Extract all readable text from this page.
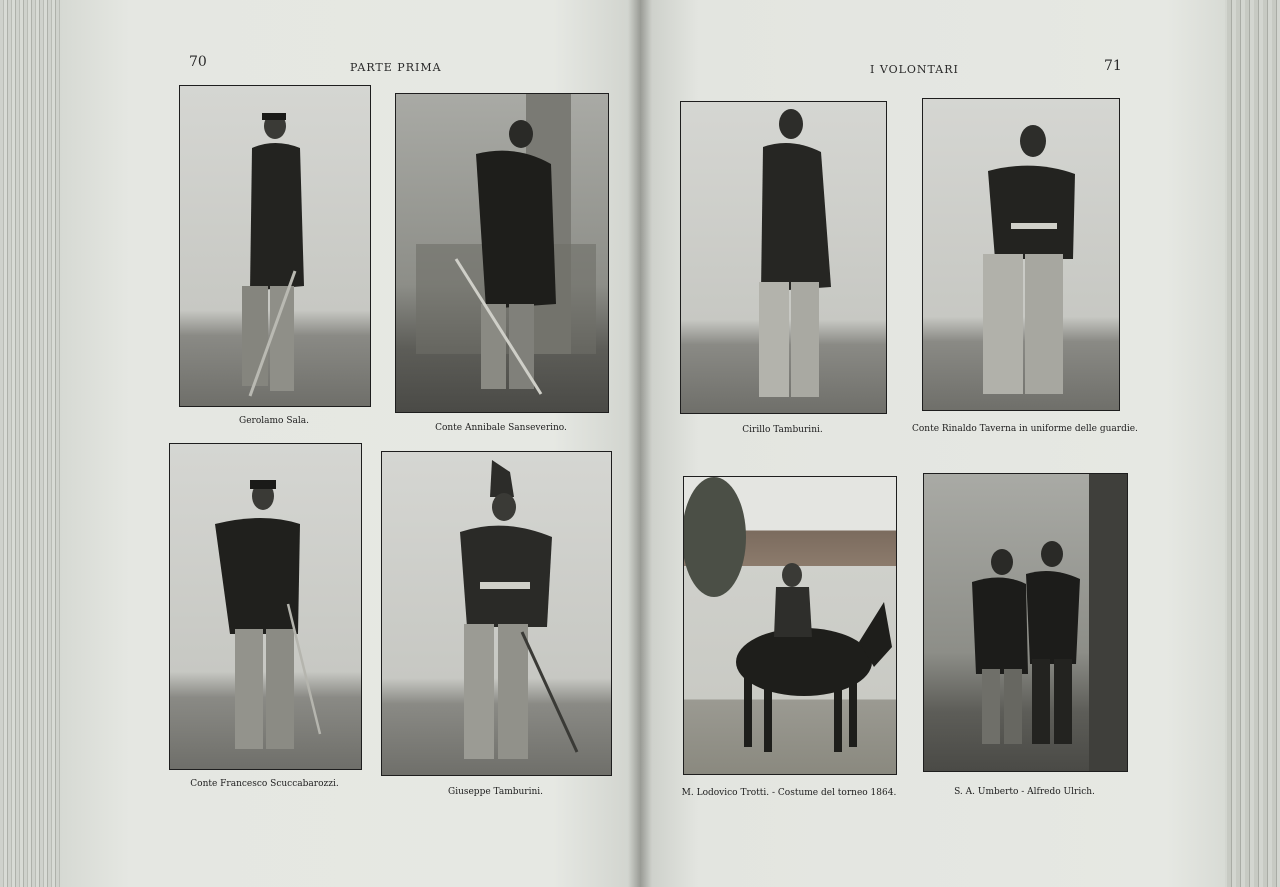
70	PARTE PRIMA	I VOLONTARI	71
Gerolamo Sala.
Conte Annibale Sanseverino.
Conte Francesco Scuccabarozzi.
Giuseppe Tamburini.
Cirillo Tamburini.	Conte Rinaldo Taverna in uniforme delle guardie.
M. Lodovico Trotti. - Costume del torneo 1864.	S. A. Umberto - Alfredo Ulrich.
